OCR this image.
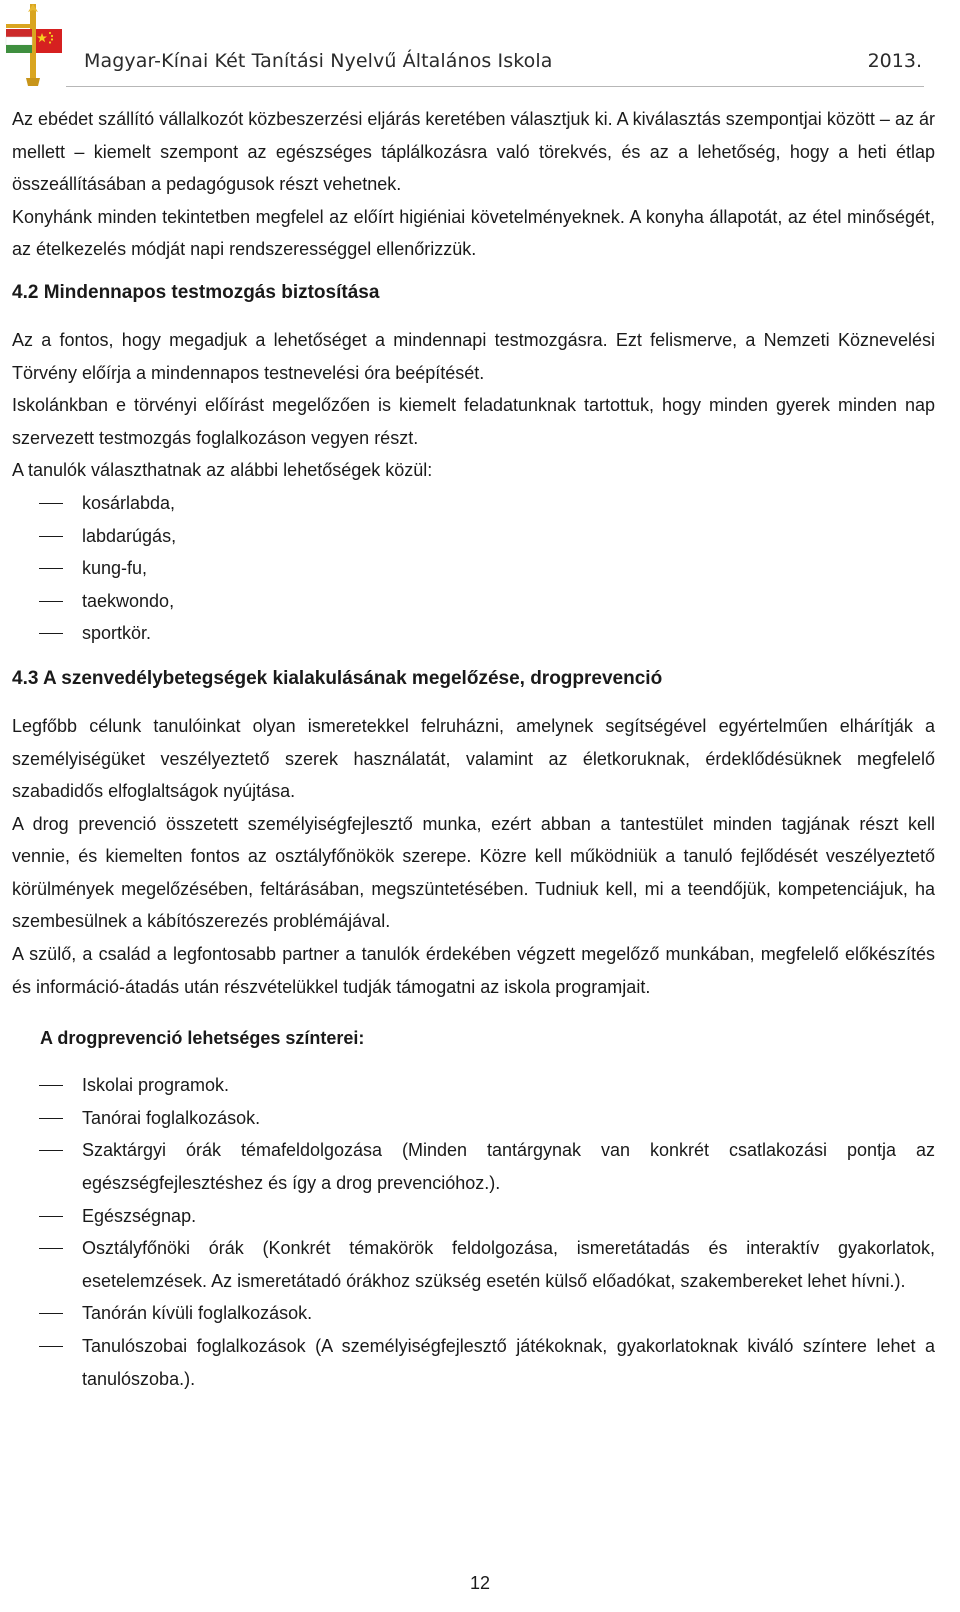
Magyar-Kínai Két Tanítási Nyelvű Általános Iskola	2013.

Az ebédet szállító vállalkozót közbeszerzési eljárás keretében választjuk ki. A kiválasztás szempontjai között – az ár mellett – kiemelt szempont az egészséges táplálkozásra való törekvés, és az a lehetőség, hogy a heti étlap összeállításában a pedagógusok részt vehetnek.

Konyhánk minden tekintetben megfelel az előírt higiéniai követelményeknek. A konyha állapotát, az étel minőségét, az ételkezelés módját napi rendszerességgel ellenőrizzük.

4.2 Mindennapos testmozgás biztosítása

Az a fontos, hogy megadjuk a lehetőséget a mindennapi testmozgásra. Ezt felismerve, a Nemzeti Köznevelési Törvény előírja a mindennapos testnevelési óra beépítését.

Iskolánkban e törvényi előírást megelőzően is kiemelt feladatunknak tartottuk, hogy minden gyerek minden nap szervezett testmozgás foglalkozáson vegyen részt.

A tanulók választhatnak az alábbi lehetőségek közül:

kosárlabda,
labdarúgás,
kung-fu,
taekwondo,
sportkör.
4.3 A szenvedélybetegségek kialakulásának megelőzése, drogprevenció

Legfőbb célunk tanulóinkat olyan ismeretekkel felruházni, amelynek segítségével egyértelműen elhárítják a személyiségüket veszélyeztető szerek használatát, valamint az életkoruknak, érdeklődésüknek megfelelő szabadidős elfoglaltságok nyújtása.

A drog prevenció összetett személyiségfejlesztő munka, ezért abban a tantestület minden tagjának részt kell vennie, és kiemelten fontos az osztályfőnökök szerepe. Közre kell működniük a tanuló fejlődését veszélyeztető körülmények megelőzésében, feltárásában, megszüntetésében. Tudniuk kell, mi a teendőjük, kompetenciájuk, ha szembesülnek a kábítószerezés problémájával.

A szülő, a család a legfontosabb partner a tanulók érdekében végzett megelőző munkában, megfelelő előkészítés és információ-átadás után részvételükkel tudják támogatni az iskola programjait.

A drogprevenció lehetséges színterei:
Iskolai programok.
Tanórai foglalkozások.
Szaktárgyi órák témafeldolgozása (Minden tantárgynak van konkrét csatlakozási pontja az egészségfejlesztéshez és így a drog prevencióhoz.).
Egészségnap.
Osztályfőnöki órák (Konkrét témakörök feldolgozása, ismeretátadás és interaktív gyakorlatok, esetelemzések. Az ismeretátadó órákhoz szükség esetén külső előadókat, szakembereket lehet hívni.).
Tanórán kívüli foglalkozások.
Tanulószobai foglalkozások (A személyiségfejlesztő játékoknak, gyakorlatoknak kiváló színtere lehet a tanulószoba.).
12
